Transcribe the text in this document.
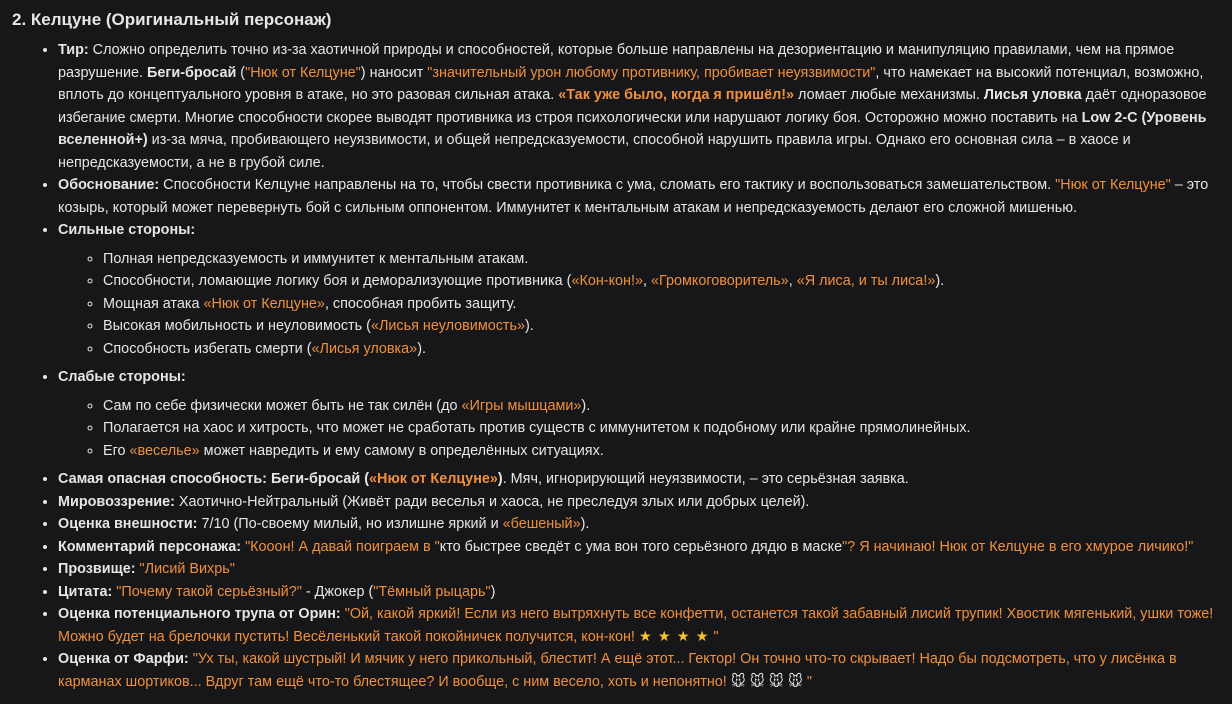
2. Келцуне (Оригинальный персонаж)
• Тир: Сложно определить точно из-за хаотичной природы и способностей, которые больше направлены на дезориентацию и манипуляцию правилами, чем на прямое разрушение. Беги-бросай ("Нюк от Келцуне") наносит "значительный урон любому противнику, пробивает неуязвимости", что намекает на высокий потенциал, возможно, вплоть до концептуального уровня в атаке, но это разовая сильная атака. «Так уже было, когда я пришёл!» ломает любые механизмы. Лисья уловка даёт одноразовое избегание смерти. Многие способности скорее выводят противника из строя психологически или нарушают логику боя. Осторожно можно поставить на Low 2-C (Уровень вселенной+) из-за мяча, пробивающего неуязвимости, и общей непредсказуемости, способной нарушить правила игры. Однако его основная сила – в хаосе и непредсказуемости, а не в грубой силе.
• Обоснование: Способности Келцуне направлены на то, чтобы свести противника с ума, сломать его тактику и воспользоваться замешательством. "Нюк от Келцуне" – это козырь, который может перевернуть бой с сильным оппонентом. Иммунитет к ментальным атакам и непредсказуемость делают его сложной мишенью.
• Сильные стороны:
◦ Полная непредсказуемость и иммунитет к ментальным атакам.
◦ Способности, ломающие логику боя и деморализующие противника («Кон-кон!», «Громкоговоритель», «Я лиса, и ты лиса!»).
◦ Мощная атака «Нюк от Келцуне», способная пробить защиту.
◦ Высокая мобильность и неуловимость («Лисья неуловимость»).
◦ Способность избегать смерти («Лисья уловка»).
• Слабые стороны:
◦ Сам по себе физически может быть не так силён (до «Игры мышцами»).
◦ Полагается на хаос и хитрость, что может не сработать против существ с иммунитетом к подобному или крайне прямолинейных.
◦ Его «веселье» может навредить и ему самому в определённых ситуациях.
• Самая опасная способность: Беги-бросай («Нюк от Келцуне»). Мяч, игнорирующий неуязвимости, – это серьёзная заявка.
• Мировоззрение: Хаотично-Нейтральный (Живёт ради веселья и хаоса, не преследуя злых или добрых целей).
• Оценка внешности: 7/10 (По-своему милый, но излишне яркий и «бешеный»).
• Комментарий персонажа: "Кооон! А давай поиграем в "кто быстрее сведёт с ума вон того серьёзного дядю в маске"? Я начинаю! Нюк от Келцуне в его хмурое личико!"
• Прозвище: "Лисий Вихрь"
• Цитата: "Почему такой серьёзный?" - Джокер ("Тёмный рыцарь")
• Оценка потенциального трупа от Орин: "Ой, какой яркий! Если из него вытряхнуть все конфетти, останется такой забавный лисий трупик! Хвостик мягенький, ушки тоже! Можно будет на брелочки пустить! Весёленький такой покойничек получится, кон-кон! ★ ★ ★ ★ "
• Оценка от Фарфи: "Ух ты, какой шустрый! И мячик у него прикольный, блестит! А ещё этот... Гектор! Он точно что-то скрывает! Надо бы подсмотреть, что у лисёнка в карманах шортиков... Вдруг там ещё что-то блестящее? И вообще, с ним весело, хоть и непонятно! 🐭 🐭 🐭 🐭 "
